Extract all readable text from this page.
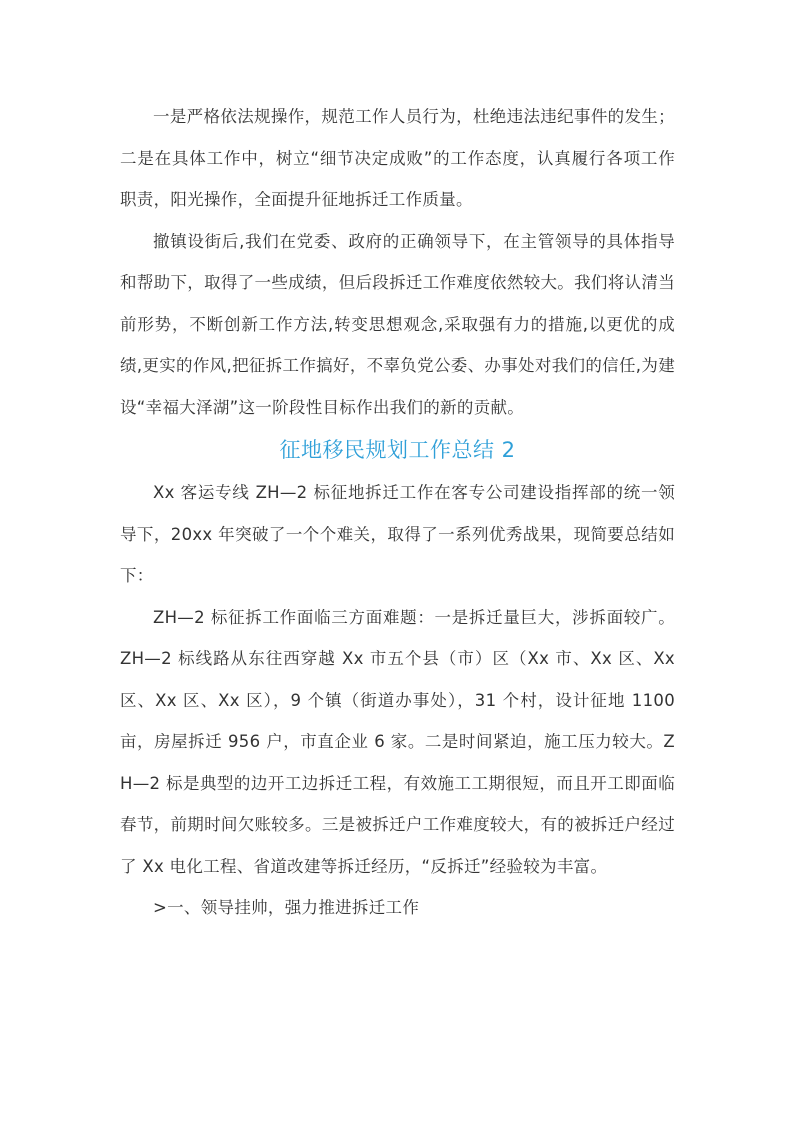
一是严格依法规操作，规范工作人员行为，杜绝违法违纪事件的发生；二是在具体工作中，树立“细节决定成败”的工作态度，认真履行各项工作职责，阳光操作，全面提升征地拆迁工作质量。

撤镇设街后,我们在党委、政府的正确领导下，在主管领导的具体指导和帮助下，取得了一些成绩，但后段拆迁工作难度依然较大。我们将认清当前形势，不断创新工作方法,转变思想观念,采取强有力的措施,以更优的成绩,更实的作风,把征拆工作搞好，不辜负党公委、办事处对我们的信任,为建设“幸福大泽湖”这一阶段性目标作出我们的新的贡献。

征地移民规划工作总结 2

Xx 客运专线 ZH—2 标征地拆迁工作在客专公司建设指挥部的统一领导下，20xx 年突破了一个个难关，取得了一系列优秀战果，现简要总结如下：

ZH—2 标征拆工作面临三方面难题：一是拆迁量巨大，涉拆面较广。ZH—2 标线路从东往西穿越 Xx 市五个县（市）区（Xx 市、Xx 区、Xx 区、Xx 区、Xx 区），9 个镇（街道办事处），31 个村，设计征地 1100 亩，房屋拆迁 956 户，市直企业 6 家。二是时间紧迫，施工压力较大。ZH—2 标是典型的边开工边拆迁工程，有效施工工期很短，而且开工即面临春节，前期时间欠账较多。三是被拆迁户工作难度较大，有的被拆迁户经过了 Xx 电化工程、省道改建等拆迁经历，“反拆迁”经验较为丰富。

>一、领导挂帅，强力推进拆迁工作
